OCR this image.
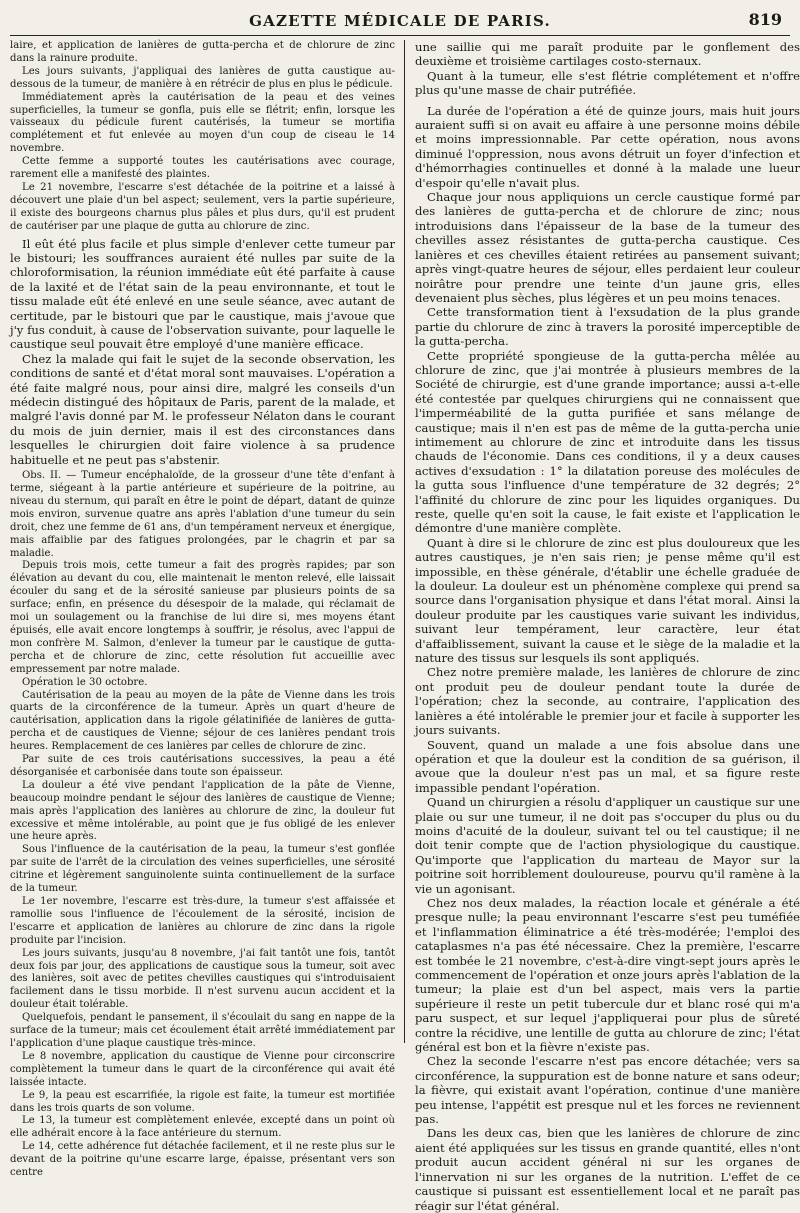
GAZETTE MÉDICALE DE PARIS.	819

laire, et application de lanières de gutta-percha et de chlorure de zinc dans la rainure produite.

Les jours suivants, j'appliquai des lanières de gutta caustique au-dessous de la tumeur, de manière à en rétrécir de plus en plus le pédicule.

Immédiatement après la cautérisation de la peau et des veines superficielles, la tumeur se gonfla, puis elle se flétrit; enfin, lorsque les vaisseaux du pédicule furent cautérisés, la tumeur se mortifia complétement et fut enlevée au moyen d'un coup de ciseau le 14 novembre.

Cette femme a supporté toutes les cautérisations avec courage, rarement elle a manifesté des plaintes.

Le 21 novembre, l'escarre s'est détachée de la poitrine et a laissé à découvert une plaie d'un bel aspect; seulement, vers la partie supérieure, il existe des bourgeons charnus plus pâles et plus durs, qu'il est prudent de cautériser par une plaque de gutta au chlorure de zinc.

Il eût été plus facile et plus simple d'enlever cette tumeur par le bistouri; les souffrances auraient été nulles par suite de la chloroformisation, la réunion immédiate eût été parfaite à cause de la laxité et de l'état sain de la peau environnante, et tout le tissu malade eût été enlevé en une seule séance, avec autant de certitude, par le bistouri que par le caustique, mais j'avoue que j'y fus conduit, à cause de l'observation suivante, pour laquelle le caustique seul pouvait être employé d'une manière efficace.

Chez la malade qui fait le sujet de la seconde observation, les conditions de santé et d'état moral sont mauvaises. L'opération a été faite malgré nous, pour ainsi dire, malgré les conseils d'un médecin distingué des hôpitaux de Paris, parent de la malade, et malgré l'avis donné par M. le professeur Nélaton dans le courant du mois de juin dernier, mais il est des circonstances dans lesquelles le chirurgien doit faire violence à sa prudence habituelle et ne peut pas s'abstenir.

Obs. II. — Tumeur encéphaloïde, de la grosseur d'une tête d'enfant à terme, siégeant à la partie antérieure et supérieure de la poitrine, au niveau du sternum, qui paraît en être le point de départ, datant de quinze mois environ, survenue quatre ans après l'ablation d'une tumeur du sein droit, chez une femme de 61 ans, d'un tempérament nerveux et énergique, mais affaiblie par des fatigues prolongées, par le chagrin et par sa maladie.

Depuis trois mois, cette tumeur a fait des progrès rapides; par son élévation au devant du cou, elle maintenait le menton relevé, elle laissait écouler du sang et de la sérosité sanieuse par plusieurs points de sa surface; enfin, en présence du désespoir de la malade, qui réclamait de moi un soulagement ou la franchise de lui dire si, mes moyens étant épuisés, elle avait encore longtemps à souffrir, je résolus, avec l'appui de mon confrère M. Salmon, d'enlever la tumeur par le caustique de gutta-percha et de chlorure de zinc, cette résolution fut accueillie avec empressement par notre malade.

Opération le 30 octobre.

Cautérisation de la peau au moyen de la pâte de Vienne dans les trois quarts de la circonférence de la tumeur. Après un quart d'heure de cautérisation, application dans la rigole gélatinifiée de lanières de gutta-percha et de caustiques de Vienne; séjour de ces lanières pendant trois heures. Remplacement de ces lanières par celles de chlorure de zinc.

Par suite de ces trois cautérisations successives, la peau a été désorganisée et carbonisée dans toute son épaisseur.

La douleur a été vive pendant l'application de la pâte de Vienne, beaucoup moindre pendant le séjour des lanières de caustique de Vienne; mais après l'application des lanières au chlorure de zinc, la douleur fut excessive et même intolérable, au point que je fus obligé de les enlever une heure après.

Sous l'influence de la cautérisation de la peau, la tumeur s'est gonflée par suite de l'arrêt de la circulation des veines superficielles, une sérosité citrine et légèrement sanguinolente suinta continuellement de la surface de la tumeur.

Le 1er novembre, l'escarre est très-dure, la tumeur s'est affaissée et ramollie sous l'influence de l'écoulement de la sérosité, incision de l'escarre et application de lanières au chlorure de zinc dans la rigole produite par l'incision.

Les jours suivants, jusqu'au 8 novembre, j'ai fait tantôt une fois, tantôt deux fois par jour, des applications de caustique sous la tumeur, soit avec des lanières, soit avec de petites chevilles caustiques qui s'introduisaient facilement dans le tissu morbide. Il n'est survenu aucun accident et la douleur était tolérable.

Quelquefois, pendant le pansement, il s'écoulait du sang en nappe de la surface de la tumeur; mais cet écoulement était arrêté immédiatement par l'application d'une plaque caustique très-mince.

Le 8 novembre, application du caustique de Vienne pour circonscrire complètement la tumeur dans le quart de la circonférence qui avait été laissée intacte.

Le 9, la peau est escarrifiée, la rigole est faite, la tumeur est mortifiée dans les trois quarts de son volume.

Le 13, la tumeur est complètement enlevée, excepté dans un point où elle adhérait encore à la face antérieure du sternum.

Le 14, cette adhérence fut détachée facilement, et il ne reste plus sur le devant de la poitrine qu'une escarre large, épaisse, présentant vers son centre

une saillie qui me paraît produite par le gonflement des deuxième et troisième cartilages costo-sternaux.

Quant à la tumeur, elle s'est flétrie complétement et n'offre plus qu'une masse de chair putréfiée.

La durée de l'opération a été de quinze jours, mais huit jours auraient suffi si on avait eu affaire à une personne moins débile et moins impressionnable. Par cette opération, nous avons diminué l'oppression, nous avons détruit un foyer d'infection et d'hémorrhagies continuelles et donné à la malade une lueur d'espoir qu'elle n'avait plus.

Chaque jour nous appliquions un cercle caustique formé par des lanières de gutta-percha et de chlorure de zinc; nous introduisions dans l'épaisseur de la base de la tumeur des chevilles assez résistantes de gutta-percha caustique. Ces lanières et ces chevilles étaient retirées au pansement suivant; après vingt-quatre heures de séjour, elles perdaient leur couleur noirâtre pour prendre une teinte d'un jaune gris, elles devenaient plus sèches, plus légères et un peu moins tenaces.

Cette transformation tient à l'exsudation de la plus grande partie du chlorure de zinc à travers la porosité imperceptible de la gutta-percha.

Cette propriété spongieuse de la gutta-percha mêlée au chlorure de zinc, que j'ai montrée à plusieurs membres de la Société de chirurgie, est d'une grande importance; aussi a-t-elle été contestée par quelques chirurgiens qui ne connaissent que l'imperméabilité de la gutta purifiée et sans mélange de caustique; mais il n'en est pas de même de la gutta-percha unie intimement au chlorure de zinc et introduite dans les tissus chauds de l'économie. Dans ces conditions, il y a deux causes actives d'exsudation : 1° la dilatation poreuse des molécules de la gutta sous l'influence d'une température de 32 degrés; 2° l'affinité du chlorure de zinc pour les liquides organiques. Du reste, quelle qu'en soit la cause, le fait existe et l'application le démontre d'une manière complète.

Quant à dire si le chlorure de zinc est plus douloureux que les autres caustiques, je n'en sais rien; je pense même qu'il est impossible, en thèse générale, d'établir une échelle graduée de la douleur. La douleur est un phénomène complexe qui prend sa source dans l'organisation physique et dans l'état moral. Ainsi la douleur produite par les caustiques varie suivant les individus, suivant leur tempérament, leur caractère, leur état d'affaiblissement, suivant la cause et le siège de la maladie et la nature des tissus sur lesquels ils sont appliqués.

Chez notre première malade, les lanières de chlorure de zinc ont produit peu de douleur pendant toute la durée de l'opération; chez la seconde, au contraire, l'application des lanières a été intolérable le premier jour et facile à supporter les jours suivants.

Souvent, quand un malade a une fois absolue dans une opération et que la douleur est la condition de sa guérison, il avoue que la douleur n'est pas un mal, et sa figure reste impassible pendant l'opération.

Quand un chirurgien a résolu d'appliquer un caustique sur une plaie ou sur une tumeur, il ne doit pas s'occuper du plus ou du moins d'acuité de la douleur, suivant tel ou tel caustique; il ne doit tenir compte que de l'action physiologique du caustique. Qu'importe que l'application du marteau de Mayor sur la poitrine soit horriblement douloureuse, pourvu qu'il ramène à la vie un agonisant.

Chez nos deux malades, la réaction locale et générale a été presque nulle; la peau environnant l'escarre s'est peu tuméfiée et l'inflammation éliminatrice a été très-modérée; l'emploi des cataplasmes n'a pas été nécessaire. Chez la première, l'escarre est tombée le 21 novembre, c'est-à-dire vingt-sept jours après le commencement de l'opération et onze jours après l'ablation de la tumeur; la plaie est d'un bel aspect, mais vers la partie supérieure il reste un petit tubercule dur et blanc rosé qui m'a paru suspect, et sur lequel j'appliquerai pour plus de sûreté contre la récidive, une lentille de gutta au chlorure de zinc; l'état général est bon et la fièvre n'existe pas.

Chez la seconde l'escarre n'est pas encore détachée; vers sa circonférence, la suppuration est de bonne nature et sans odeur; la fièvre, qui existait avant l'opération, continue d'une manière peu intense, l'appétit est presque nul et les forces ne reviennent pas.

Dans les deux cas, bien que les lanières de chlorure de zinc aient été appliquées sur les tissus en grande quantité, elles n'ont produit aucun accident général ni sur les organes de l'innervation ni sur les organes de la nutrition. L'effet de ce caustique si puissant est essentiellement local et ne paraît pas réagir sur l'état général.
